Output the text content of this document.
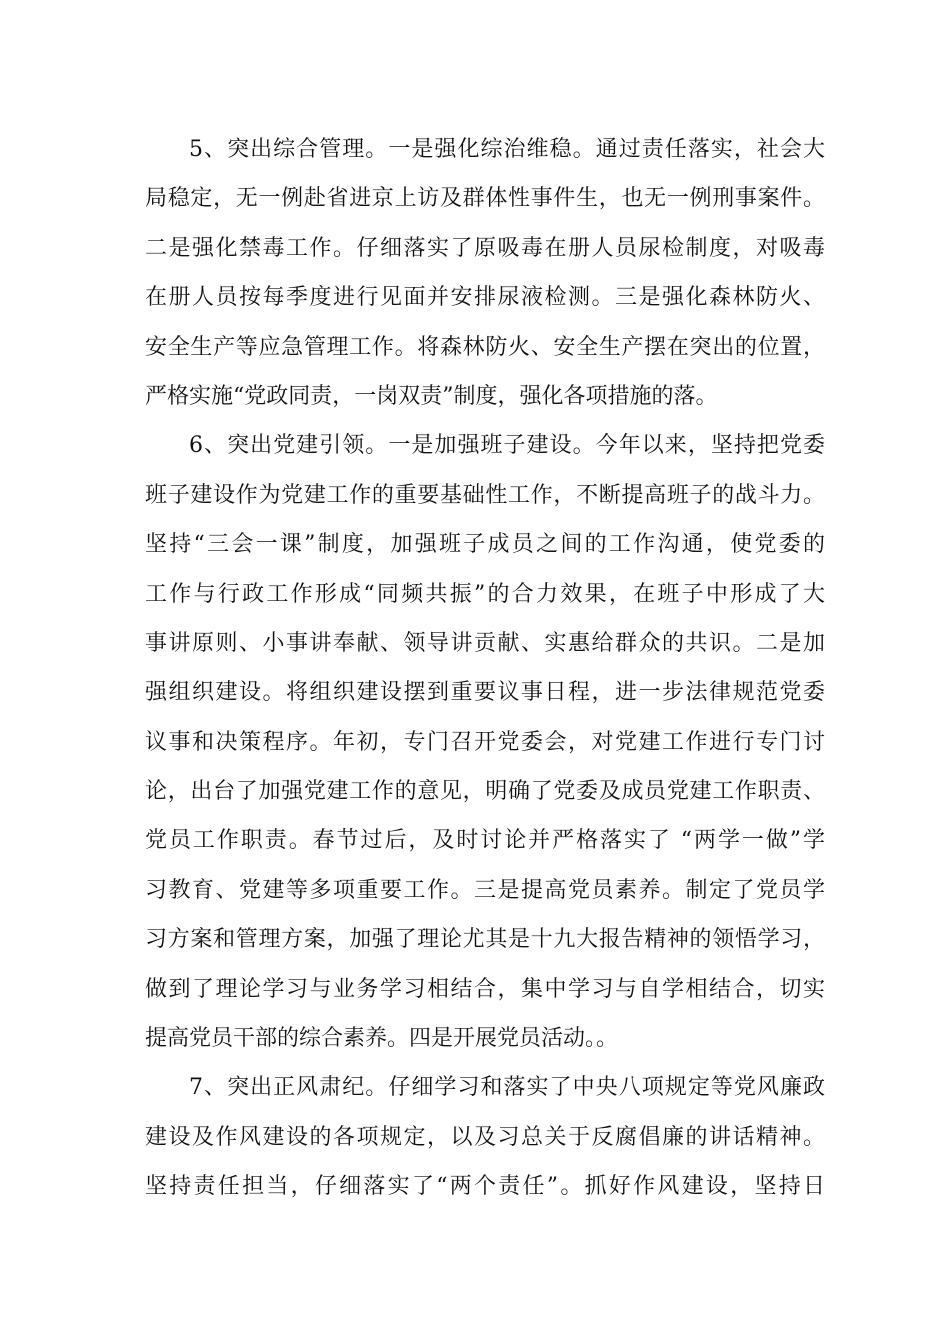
5、突出综合管理。一是强化综治维稳。通过责任落实，社会大
局稳定，无一例赴省进京上访及群体性事件生，也无一例刑事案件。
二是强化禁毒工作。仔细落实了原吸毒在册人员尿检制度，对吸毒
在册人员按每季度进行见面并安排尿液检测。三是强化森林防火、
安全生产等应急管理工作。将森林防火、安全生产摆在突出的位置，
严格实施“党政同责，一岗双责”制度，强化各项措施的落。
6、突出党建引领。一是加强班子建设。今年以来，坚持把党委
班子建设作为党建工作的重要基础性工作，不断提高班子的战斗力。
坚持“三会一课”制度，加强班子成员之间的工作沟通，使党委的
工作与行政工作形成“同频共振”的合力效果，在班子中形成了大
事讲原则、小事讲奉献、领导讲贡献、实惠给群众的共识。二是加
强组织建设。将组织建设摆到重要议事日程，进一步法律规范党委
议事和决策程序。年初，专门召开党委会，对党建工作进行专门讨
论，出台了加强党建工作的意见，明确了党委及成员党建工作职责、
党员工作职责。春节过后，及时讨论并严格落实了 “两学一做”学
习教育、党建等多项重要工作。三是提高党员素养。制定了党员学
习方案和管理方案，加强了理论尤其是十九大报告精神的领悟学习，
做到了理论学习与业务学习相结合，集中学习与自学相结合，切实
提高党员干部的综合素养。四是开展党员活动。。
7、突出正风肃纪。仔细学习和落实了中央八项规定等党风廉政
建设及作风建设的各项规定，以及习总关于反腐倡廉的讲话精神。
坚持责任担当，仔细落实了“两个责任”。抓好作风建设，坚持日
